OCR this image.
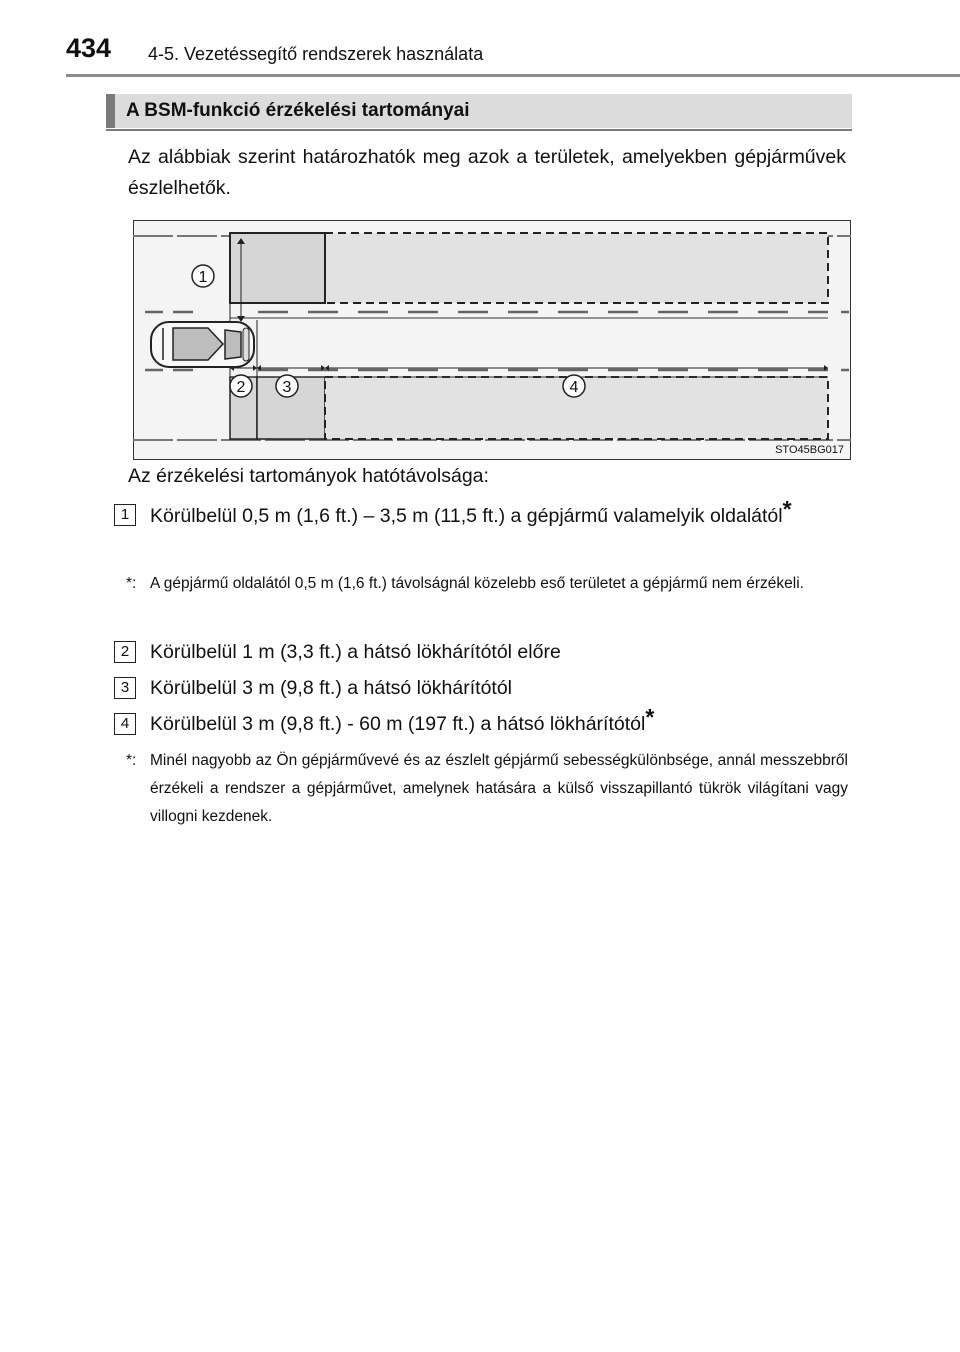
434 4-5. Vezetéssegítő rendszerek használata
A BSM-funkció érzékelési tartományai
Az alábbiak szerint határozhatók meg azok a területek, amelyekben gépjárművek észlelhetők.
1
2 3	4
STO45BG017
Az érzékelési tartományok hatótávolsága:
1	Körülbelül 0,5 m (1,6 ft.) – 3,5 m (11,5 ft.) a gépjármű valamelyik oldalától*
*: A gépjármű oldalától 0,5 m (1,6 ft.) távolságnál közelebb eső területet a gépjármű nem érzékeli.
2	Körülbelül 1 m (3,3 ft.) a hátsó lökhárítótól előre
3	Körülbelül 3 m (9,8 ft.) a hátsó lökhárítótól
4	Körülbelül 3 m (9,8 ft.) - 60 m (197 ft.) a hátsó lökhárítótól*
*: Minél nagyobb az Ön gépjárművevé és az észlelt gépjármű sebességkülönbsége, annál messzebbről érzékeli a rendszer a gépjárművet, amelynek hatására a külső visszapillantó tükrök világítani vagy villogni kezdenek.
